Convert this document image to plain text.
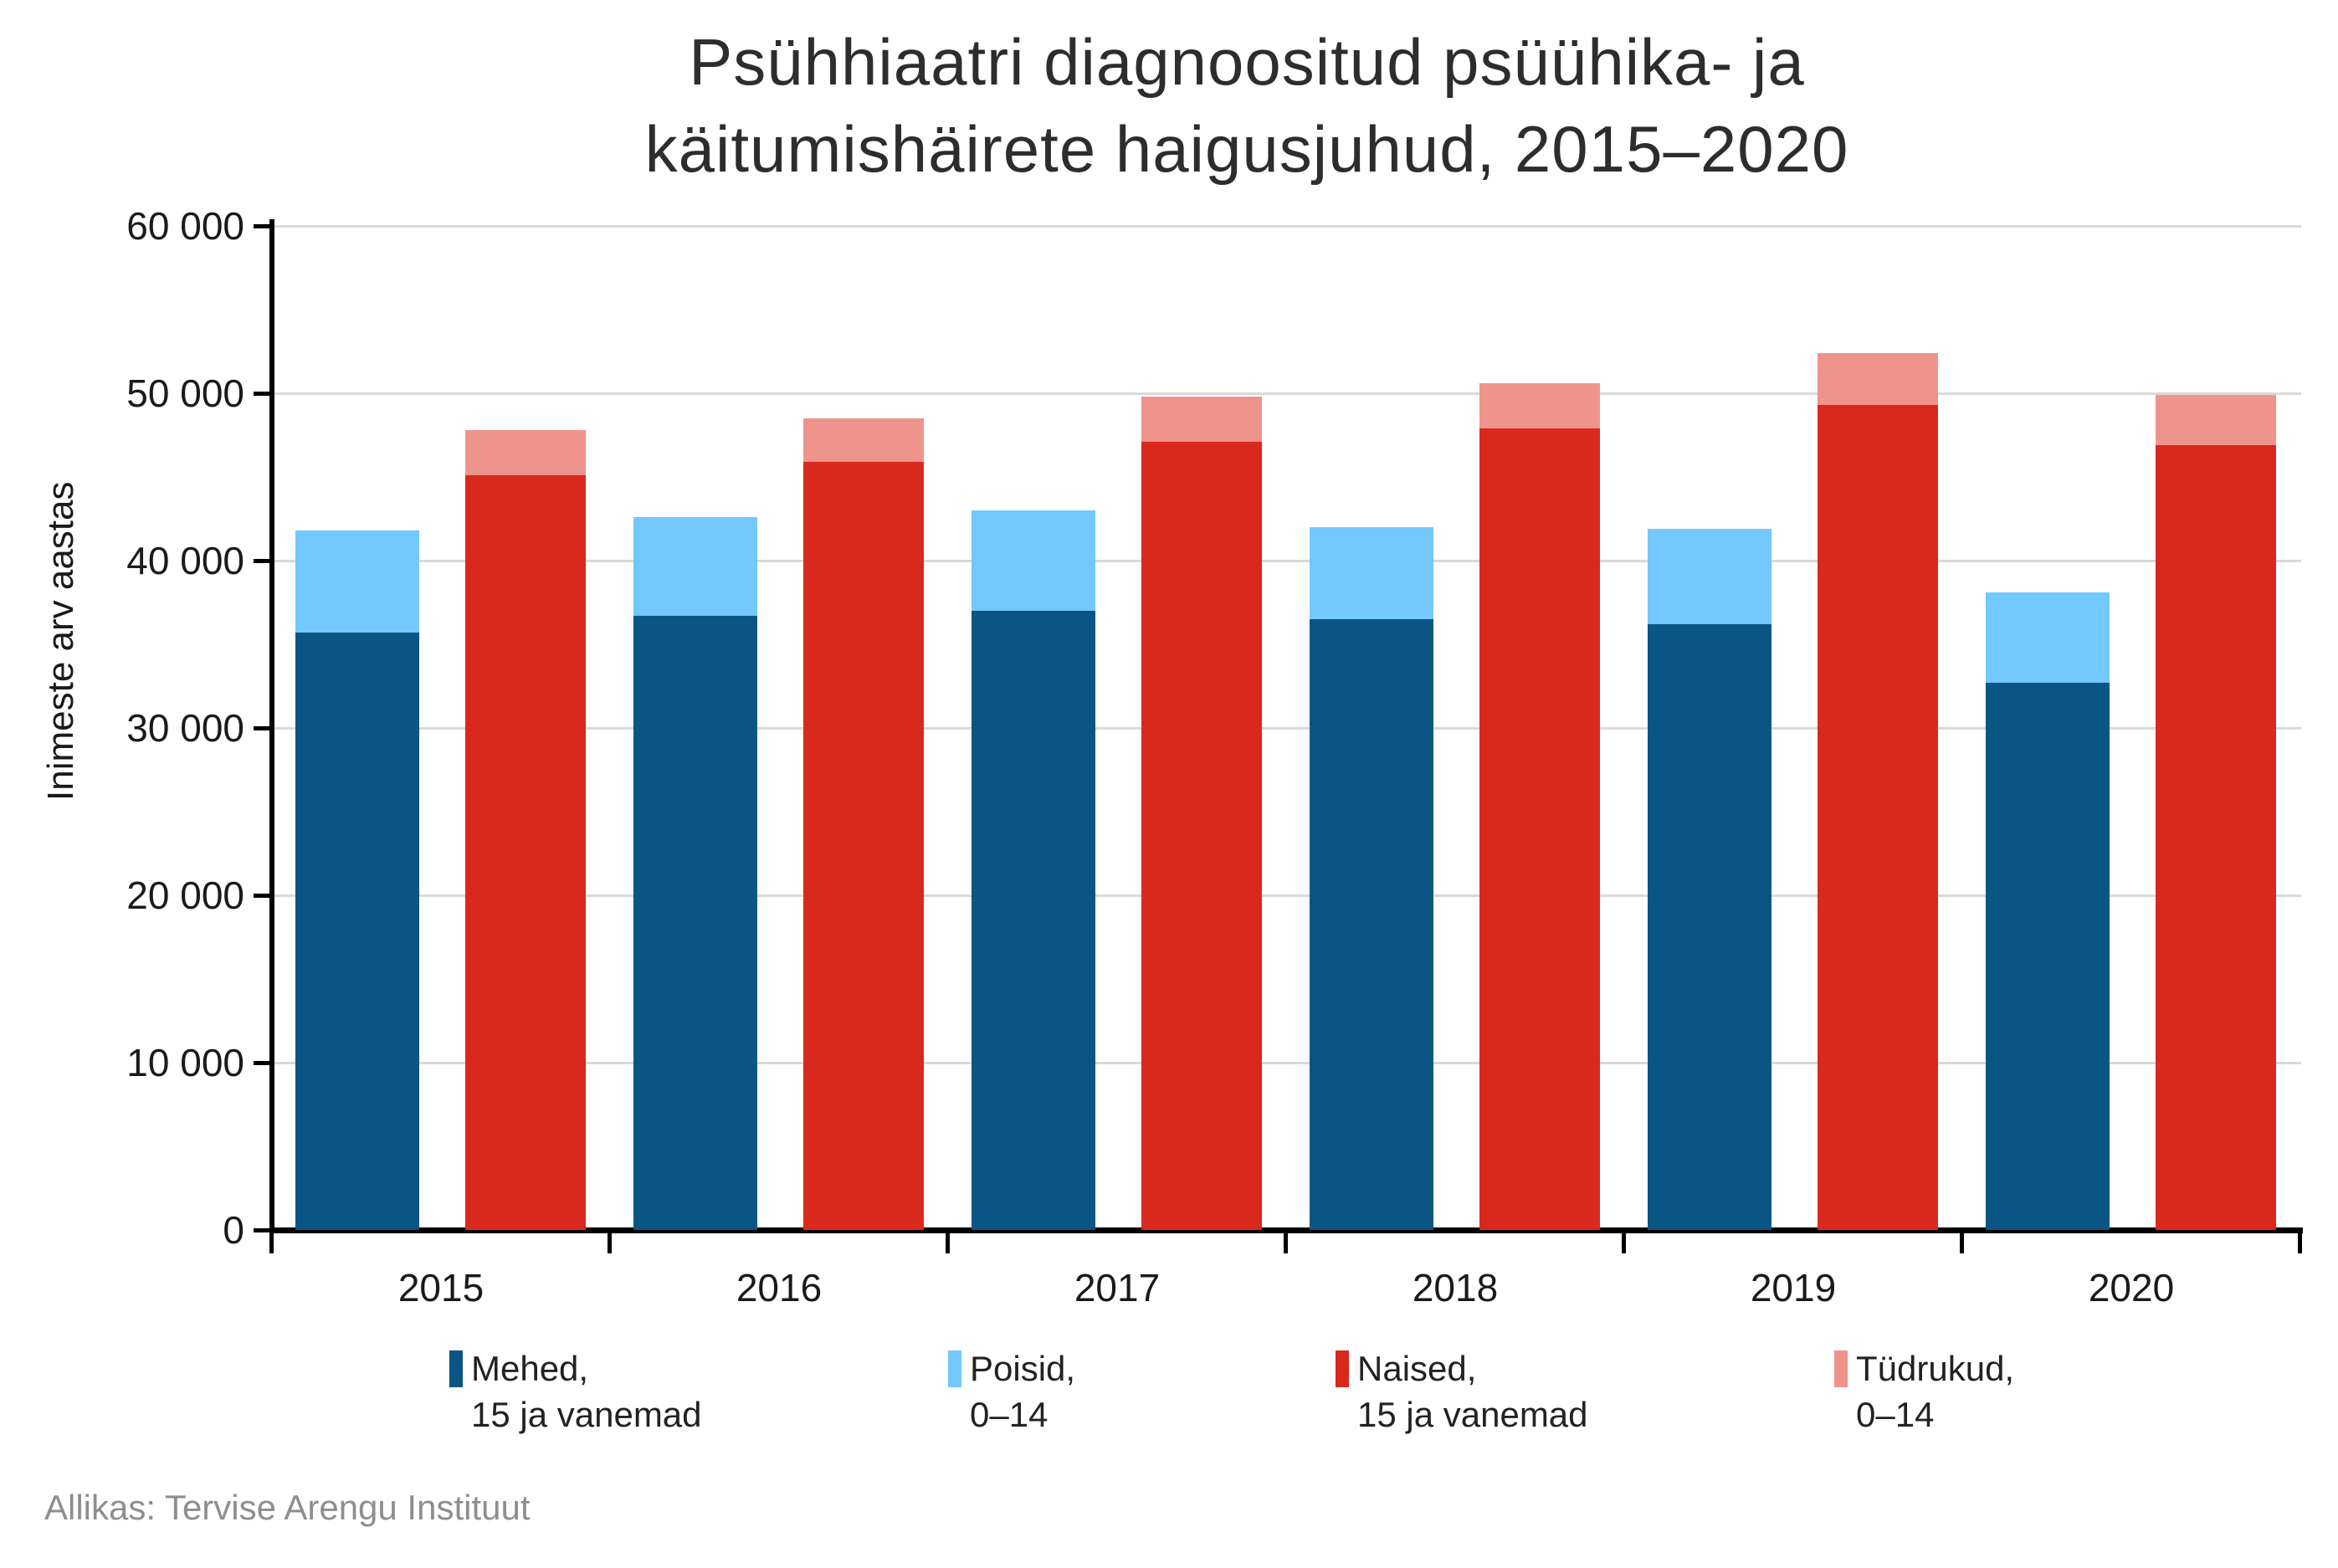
Psühhiaatri diagnoositud psüühika- ja
käitumishäirete haigusjuhud, 2015–2020
Inimeste arv aastas
0
10 000
20 000
30 000
40 000
50 000
60 000
2015	2016	2017	2018	2019	2020
Mehed,
15 ja vanemad
Poisid,
0–14
Naised,
15 ja vanemad
Tüdrukud,
0–14
Allikas: Tervise Arengu Instituut
